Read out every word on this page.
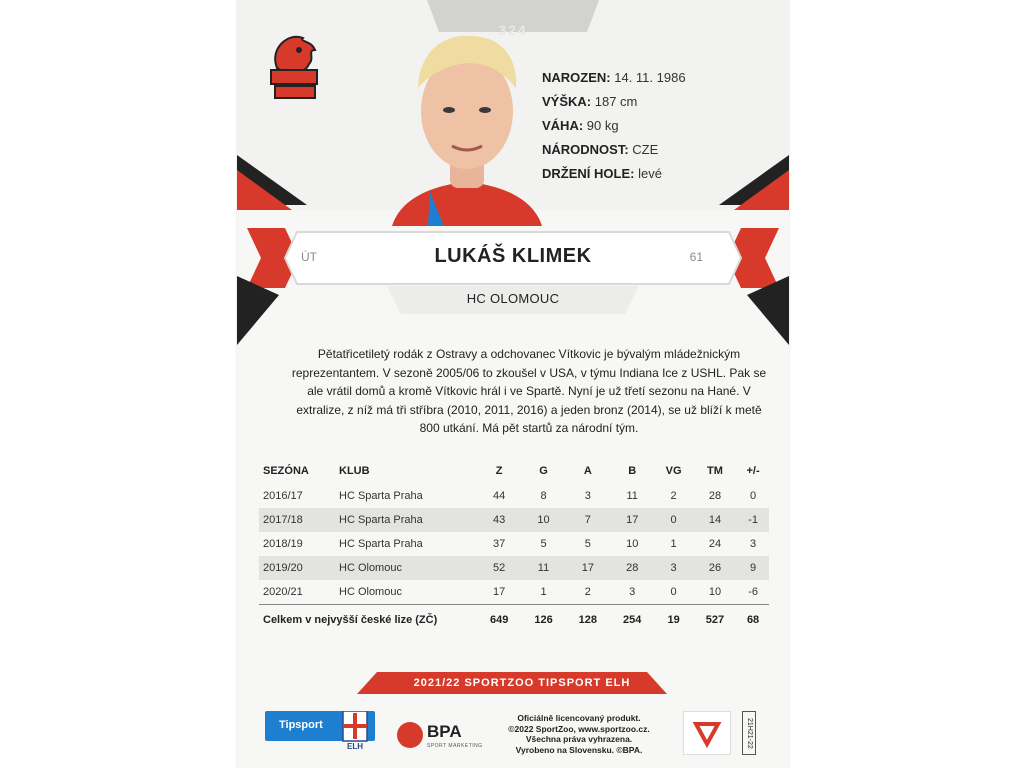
324
NAROZEN: 14. 11. 1986
VÝŠKA: 187 cm
VÁHA: 90 kg
NÁRODNOST: CZE
DRŽENÍ HOLE: levé
ÚT	LUKÁŠ KLIMEK	61
HC OLOMOUC
Pětatřicetiletý rodák z Ostravy a odchovanec Vítkovic je bývalým mládežnickým reprezentantem. V sezoně 2005/06 to zkoušel v USA, v týmu Indiana Ice z USHL. Pak se ale vrátil domů a kromě Vítkovic hrál i ve Spartě. Nyní je už třetí sezonu na Hané. V extralize, z níž má tři stříbra (2010, 2011, 2016) a jeden bronz (2014), se už blíží k metě 800 utkání. Má pět startů za národní tým.
SEZÓNA	KLUB	Z	G	A	B	VG	TM	+/-
2016/17	HC Sparta Praha	44	8	3	11	2	28	0
2017/18	HC Sparta Praha	43	10	7	17	0	14	-1
2018/19	HC Sparta Praha	37	5	5	10	1	24	3
2019/20	HC Olomouc	52	11	17	28	3	26	9
2020/21	HC Olomouc	17	1	2	3	0	10	-6
Celkem v nejvyšší české lize (ZČ)		649	126	128	254	19	527	68
2021/22 SPORTZOO TIPSPORT ELH
Tipsport
ELH
BPA
SPORT MARKETING
Oficiálně licencovaný produkt.
©2022 SportZoo, www.sportzoo.cz.
Všechna práva vyhrazena.
Vyrobeno na Slovensku. ©BPA.
21H21-22
